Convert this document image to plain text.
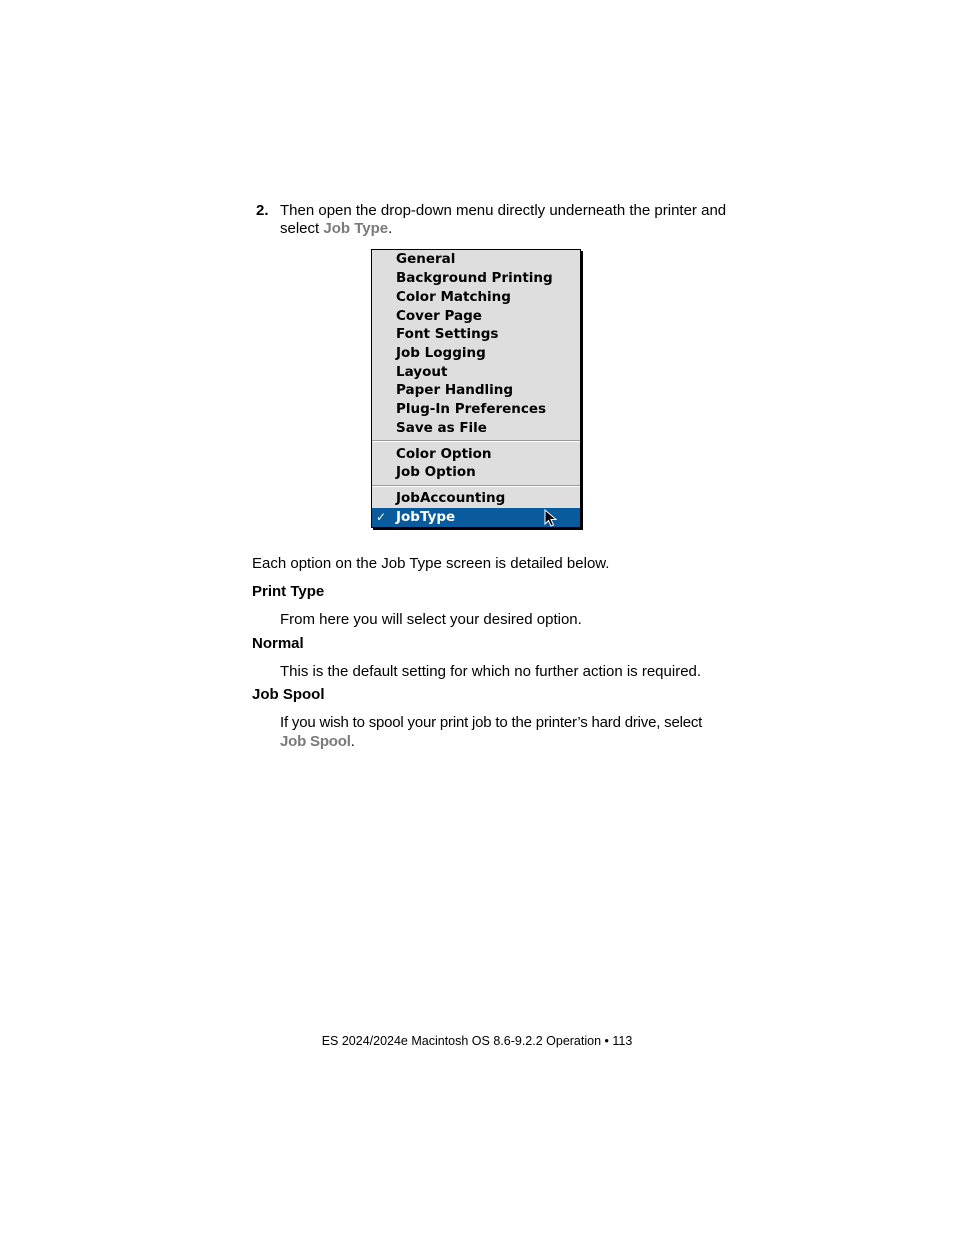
2. Then open the drop-down menu directly underneath the printer and select Job Type.
General
Background Printing
Color Matching
Cover Page
Font Settings
Job Logging
Layout
Paper Handling
Plug-In Preferences
Save as File
Color Option
Job Option
JobAccounting
✓ JobType
Each option on the Job Type screen is detailed below.
Print Type
From here you will select your desired option.
Normal
This is the default setting for which no further action is required.
Job Spool
If you wish to spool your print job to the printer’s hard drive, select Job Spool.
ES 2024/2024e Macintosh OS 8.6-9.2.2 Operation • 113
